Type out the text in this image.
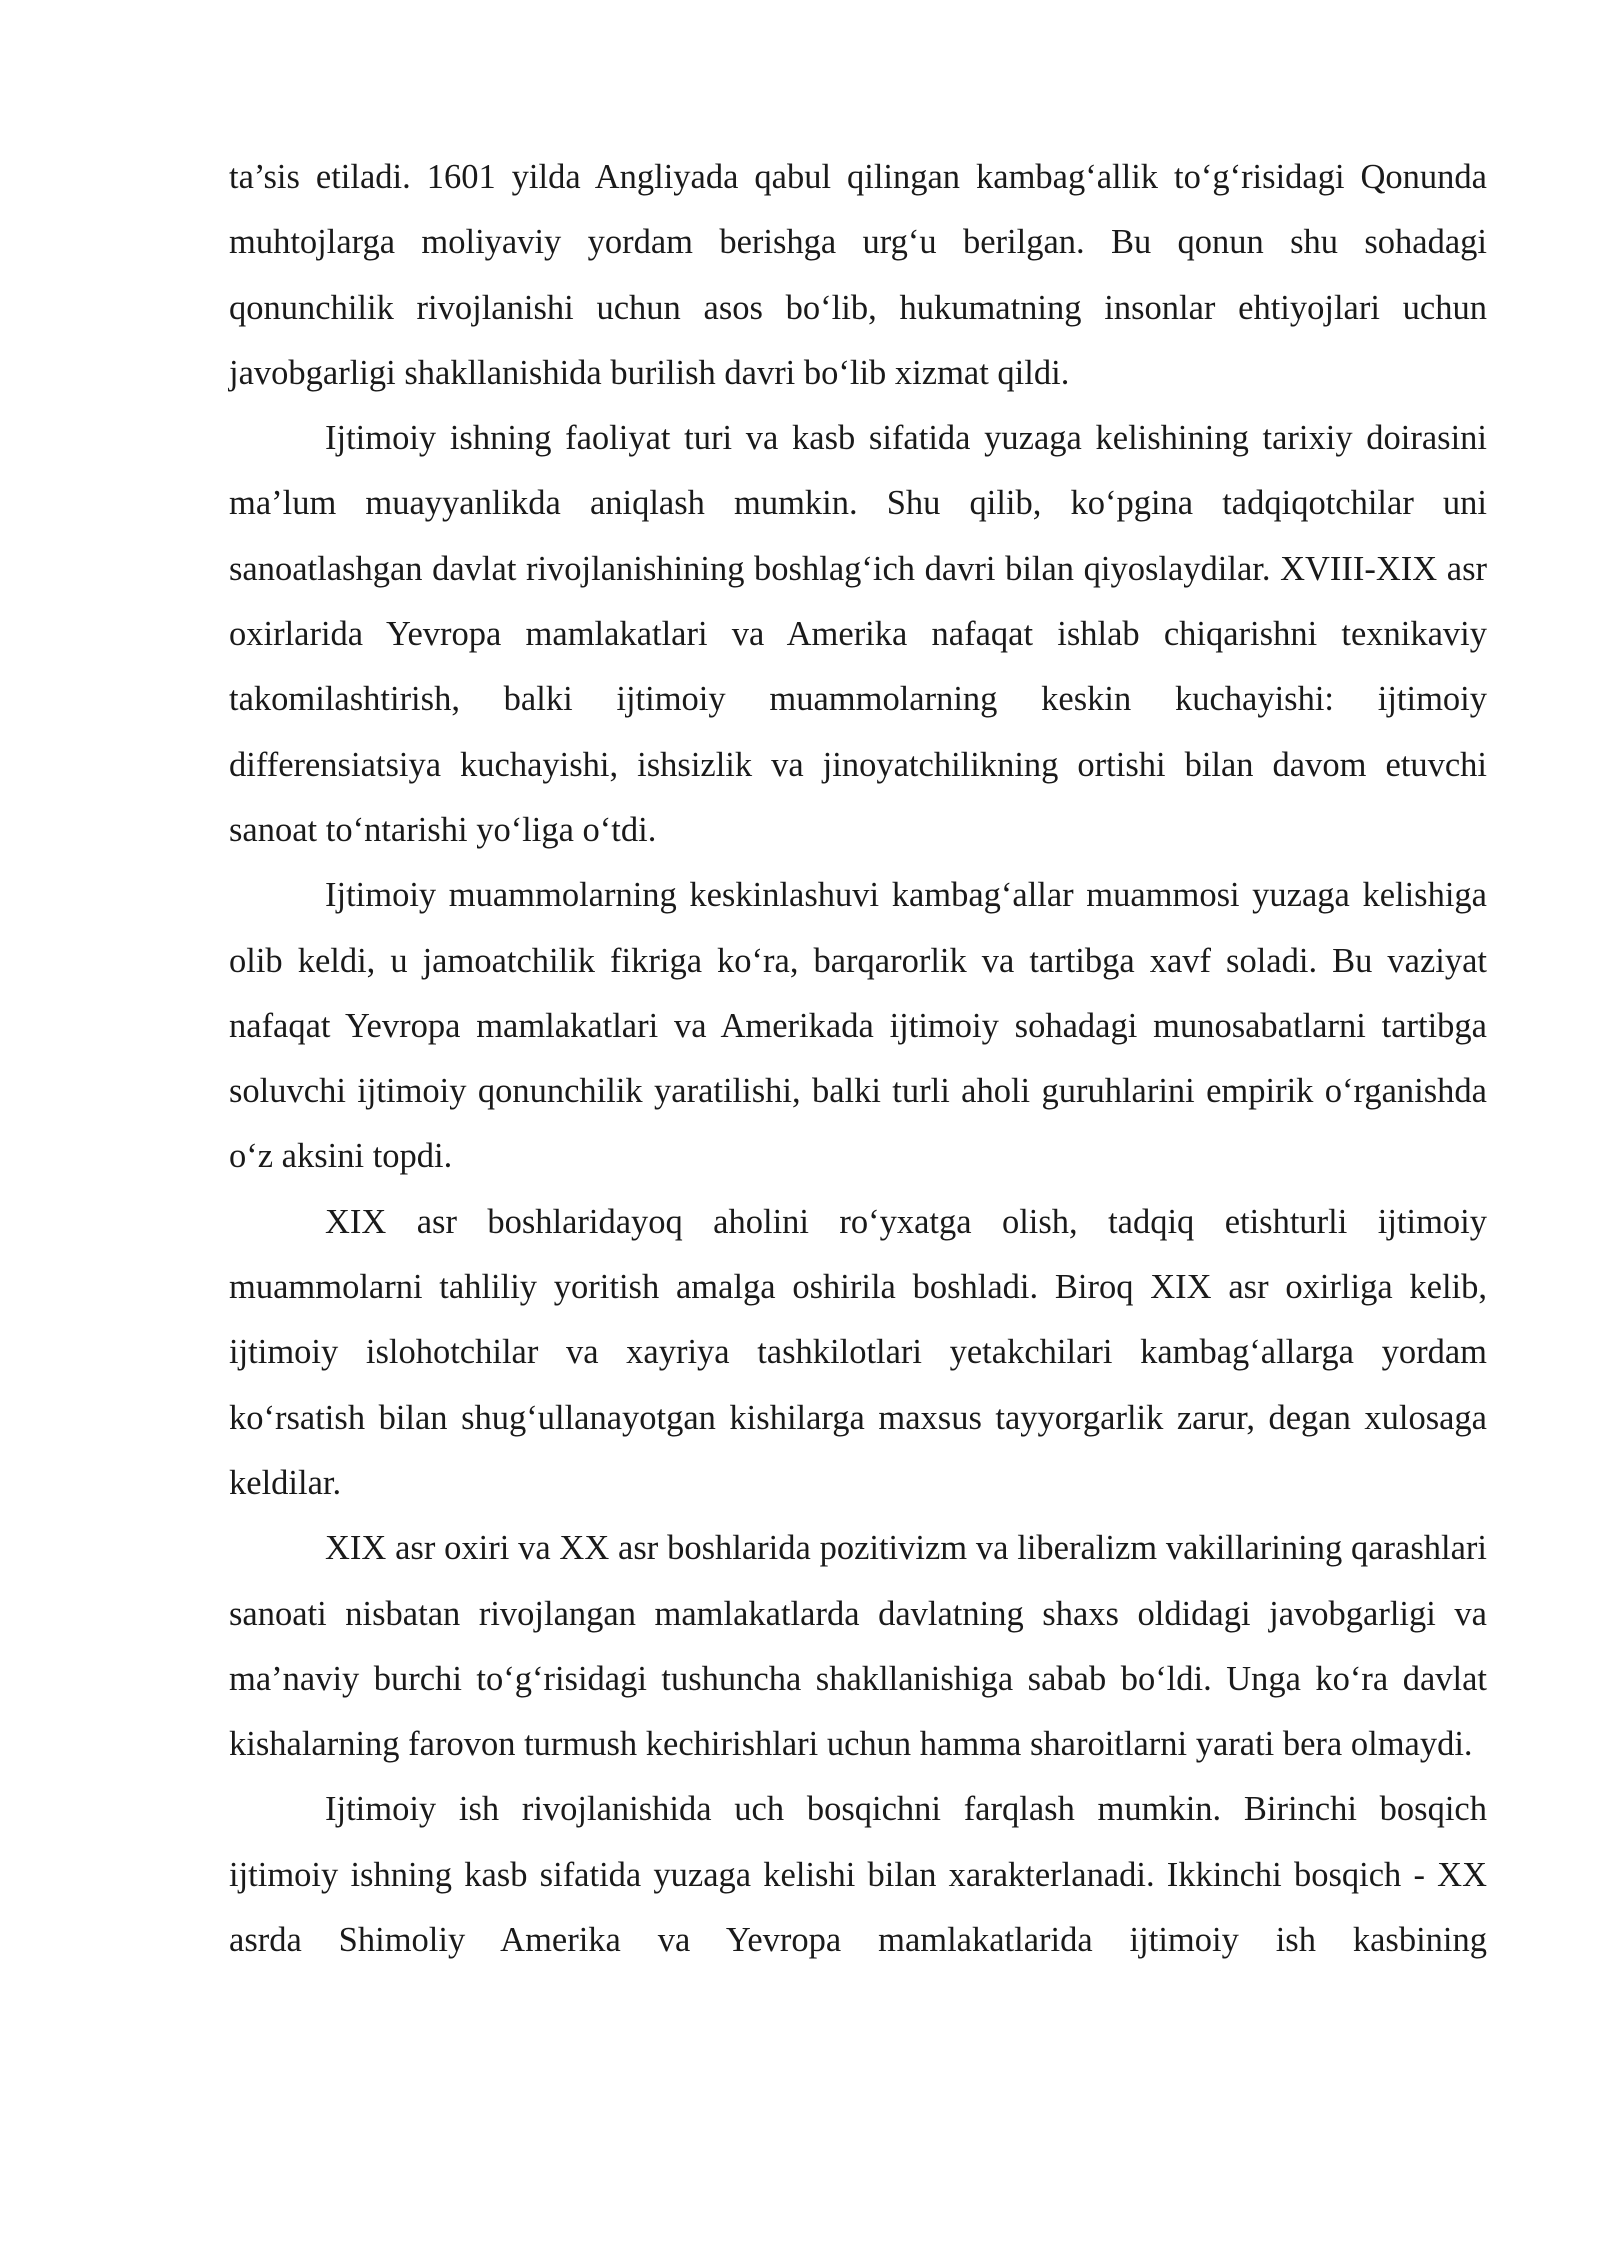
ta’sis etiladi. 1601 yilda Angliyada qabul qilingan kambag‘allik to‘g‘risidagi Qonunda muhtojlarga moliyaviy yordam berishga urg‘u berilgan. Bu qonun shu sohadagi qonunchilik rivojlanishi uchun asos bo‘lib, hukumatning insonlar ehtiyojlari uchun javobgarligi shakllanishida burilish davri bo‘lib xizmat qildi.

Ijtimoiy ishning faoliyat turi va kasb sifatida yuzaga kelishining tarixiy doirasini ma’lum muayyanlikda aniqlash mumkin. Shu qilib, ko‘pgina tadqiqotchilar uni sanoatlashgan davlat rivojlanishining boshlag‘ich davri bilan qiyoslaydilar. XVIII-XIX asr oxirlarida Yevropa mamlakatlari va Amerika nafaqat ishlab chiqarishni texnikaviy takomilashtirish, balki ijtimoiy muammolarning keskin kuchayishi: ijtimoiy differensiatsiya kuchayishi, ishsizlik va jinoyatchilikning ortishi bilan davom etuvchi sanoat to‘ntarishi yo‘liga o‘tdi.

Ijtimoiy muammolarning keskinlashuvi kambag‘allar muammosi yuzaga kelishiga olib keldi, u jamoatchilik fikriga ko‘ra, barqarorlik va tartibga xavf soladi. Bu vaziyat nafaqat Yevropa mamlakatlari va Amerikada ijtimoiy sohadagi munosabatlarni tartibga soluvchi ijtimoiy qonunchilik yaratilishi, balki turli aholi guruhlarini empirik o‘rganishda o‘z aksini topdi.

XIX asr boshlaridayoq aholini ro‘yxatga olish, tadqiq etishturli ijtimoiy muammolarni tahliliy yoritish amalga oshirila boshladi. Biroq XIX asr oxirliga kelib, ijtimoiy islohotchilar va xayriya tashkilotlari yetakchilari kambag‘allarga yordam ko‘rsatish bilan shug‘ullanayotgan kishilarga maxsus tayyorgarlik zarur, degan xulosaga keldilar.

XIX asr oxiri va XX asr boshlarida pozitivizm va liberalizm vakillarining qarashlari sanoati nisbatan rivojlangan mamlakatlarda davlatning shaxs oldidagi javobgarligi va ma’naviy burchi to‘g‘risidagi tushuncha shakllanishiga sabab bo‘ldi. Unga ko‘ra davlat kishalarning farovon turmush kechirishlari uchun hamma sharoitlarni yarati bera olmaydi.

Ijtimoiy ish rivojlanishida uch bosqichni farqlash mumkin. Birinchi bosqich ijtimoiy ishning kasb sifatida yuzaga kelishi bilan xarakterlanadi. Ikkinchi bosqich - XX asrda Shimoliy Amerika va Yevropa mamlakatlarida ijtimoiy ish kasbining
